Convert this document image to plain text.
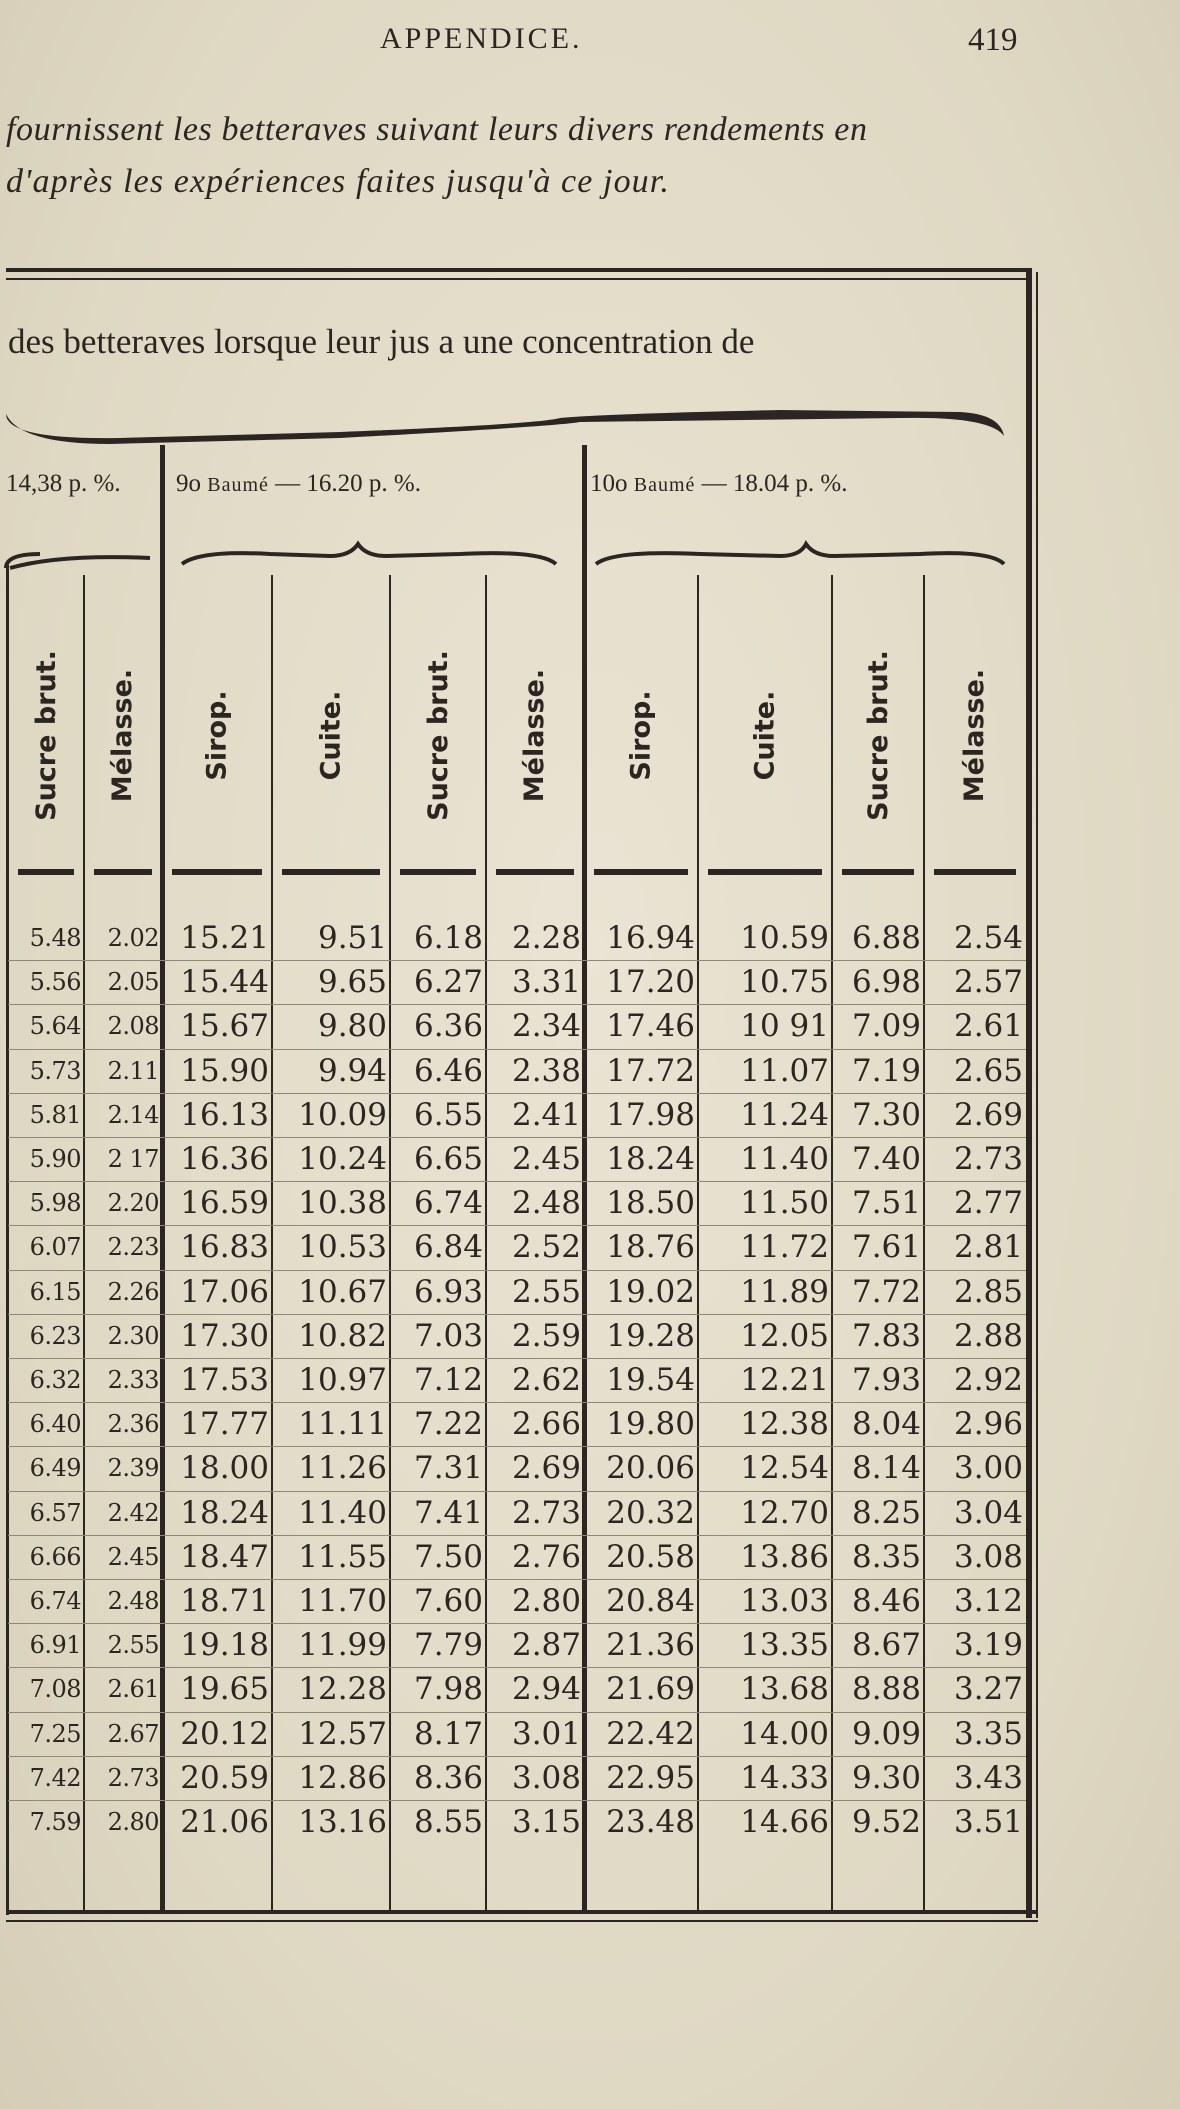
APPENDICE.	419
fournissent les betteraves suivant leurs divers rendements en
d'après les expériences faites jusqu'à ce jour.
des betteraves lorsque leur jus a une concentration de
14,38 p. %. 9o Baumé — 16.20 p. %.	10o Baumé — 18.04 p. %.
Sucre brut. Mélasse. Sirop.	Cuite.	Sucre brut. Mélasse.	Sirop.	Cuite.	Sucre brut. Mélasse.
5.48	2.02 15.21	9.51 6.18 2.28 16.94	10.59 6.88	2.54
5.56	2.05 15.44	9.65 6.27 3.31 17.20	10.75 6.98	2.57
5.64	2.08 15.67	9.80 6.36 2.34 17.46	10 91 7.09	2.61
5.73	2.11 15.90	9.94 6.46 2.38 17.72	11.07 7.19	2.65
5.81	2.14 16.13 10.09 6.55 2.41 17.98	11.24 7.30	2.69
5.90	2 17 16.36 10.24 6.65 2.45 18.24	11.40 7.40	2.73
5.98	2.20 16.59 10.38 6.74 2.48 18.50	11.50 7.51	2.77
6.07	2.23 16.83 10.53 6.84 2.52 18.76	11.72 7.61	2.81
6.15	2.26 17.06 10.67 6.93 2.55 19.02	11.89 7.72	2.85
6.23	2.30 17.30 10.82 7.03 2.59 19.28	12.05 7.83	2.88
6.32	2.33 17.53 10.97 7.12 2.62 19.54	12.21 7.93	2.92
6.40	2.36 17.77 11.11 7.22 2.66 19.80	12.38 8.04	2.96
6.49	2.39 18.00 11.26 7.31 2.69 20.06	12.54 8.14	3.00
6.57	2.42 18.24 11.40 7.41 2.73 20.32	12.70 8.25	3.04
6.66	2.45 18.47 11.55 7.50 2.76 20.58	13.86 8.35	3.08
6.74	2.48 18.71 11.70 7.60 2.80 20.84	13.03 8.46	3.12
6.91	2.55 19.18 11.99 7.79 2.87 21.36	13.35 8.67	3.19
7.08	2.61 19.65 12.28 7.98 2.94 21.69	13.68 8.88	3.27
7.25	2.67 20.12 12.57 8.17 3.01 22.42	14.00 9.09	3.35
7.42	2.73 20.59 12.86 8.36 3.08 22.95	14.33 9.30	3.43
7.59	2.80 21.06 13.16 8.55 3.15 23.48	14.66 9.52	3.51
